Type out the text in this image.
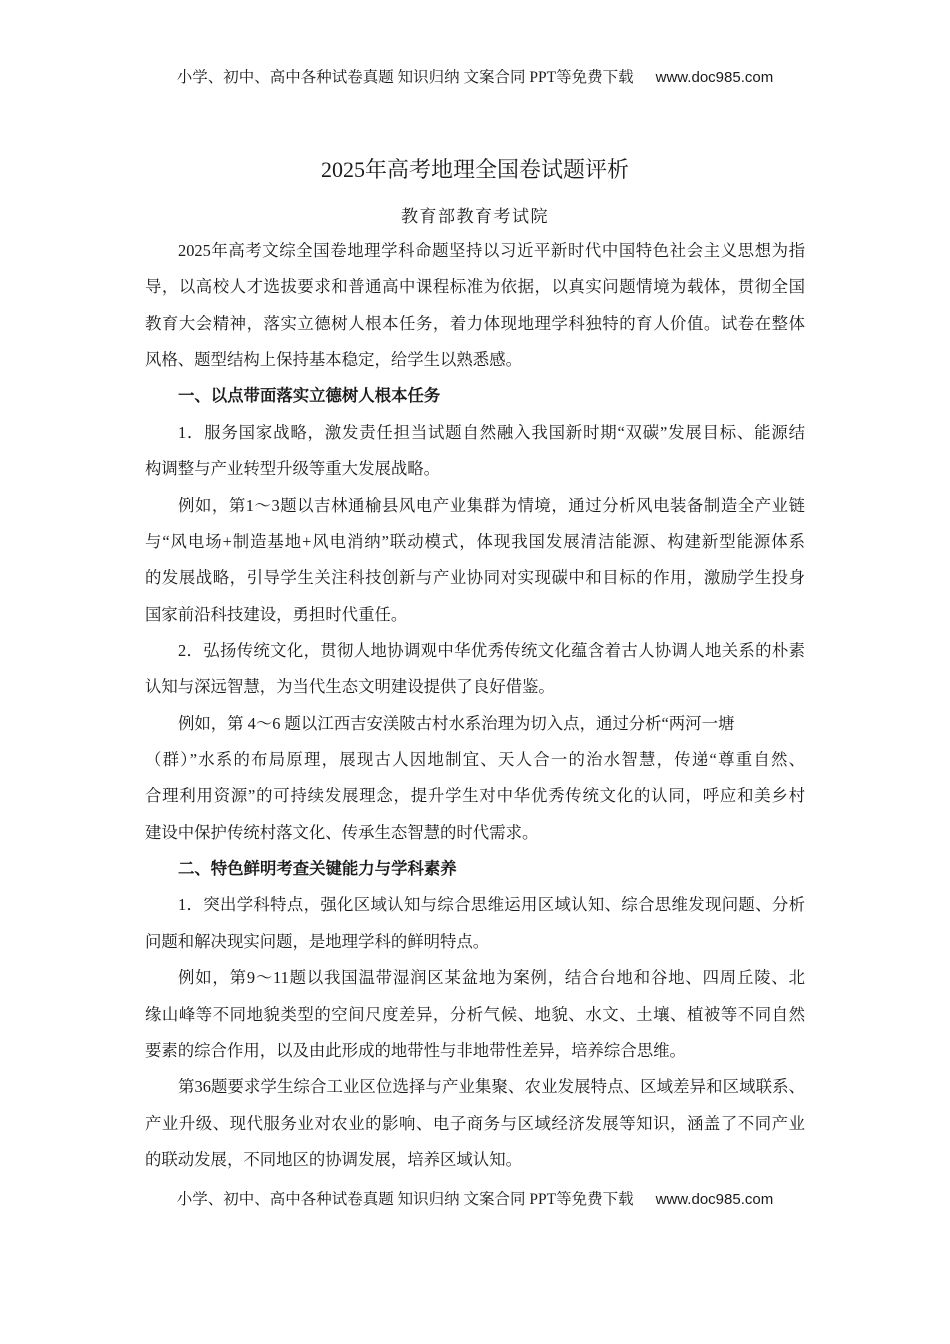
小学、初中、高中各种试卷真题 知识归纳 文案合同 PPT等免费下载 www.doc985.com
2025年高考地理全国卷试题评析
教育部教育考试院
2025年高考文综全国卷地理学科命题坚持以习近平新时代中国特色社会主义思想为指
导，以高校人才选拔要求和普通高中课程标准为依据，以真实问题情境为载体，贯彻全国
教育大会精神，落实立德树人根本任务，着力体现地理学科独特的育人价值。试卷在整体
风格、题型结构上保持基本稳定，给学生以熟悉感。
一、以点带面落实立德树人根本任务
1．服务国家战略，激发责任担当试题自然融入我国新时期“双碳”发展目标、能源结
构调整与产业转型升级等重大发展战略。
例如，第1～3题以吉林通榆县风电产业集群为情境，通过分析风电装备制造全产业链
与“风电场+制造基地+风电消纳”联动模式，体现我国发展清洁能源、构建新型能源体系
的发展战略，引导学生关注科技创新与产业协同对实现碳中和目标的作用，激励学生投身
国家前沿科技建设，勇担时代重任。
2．弘扬传统文化，贯彻人地协调观中华优秀传统文化蕴含着古人协调人地关系的朴素
认知与深远智慧，为当代生态文明建设提供了良好借鉴。
例如，第 4～6 题以江西吉安渼陂古村水系治理为切入点，通过分析“两河一塘
（群）”水系的布局原理，展现古人因地制宜、天人合一的治水智慧，传递“尊重自然、
合理利用资源”的可持续发展理念，提升学生对中华优秀传统文化的认同，呼应和美乡村
建设中保护传统村落文化、传承生态智慧的时代需求。
二、特色鲜明考查关键能力与学科素养
1．突出学科特点，强化区域认知与综合思维运用区域认知、综合思维发现问题、分析
问题和解决现实问题，是地理学科的鲜明特点。
例如，第9～11题以我国温带湿润区某盆地为案例，结合台地和谷地、四周丘陵、北
缘山峰等不同地貌类型的空间尺度差异，分析气候、地貌、水文、土壤、植被等不同自然
要素的综合作用，以及由此形成的地带性与非地带性差异，培养综合思维。
第36题要求学生综合工业区位选择与产业集聚、农业发展特点、区域差异和区域联系、
产业升级、现代服务业对农业的影响、电子商务与区域经济发展等知识，涵盖了不同产业
的联动发展，不同地区的协调发展，培养区域认知。
小学、初中、高中各种试卷真题 知识归纳 文案合同 PPT等免费下载 www.doc985.com
